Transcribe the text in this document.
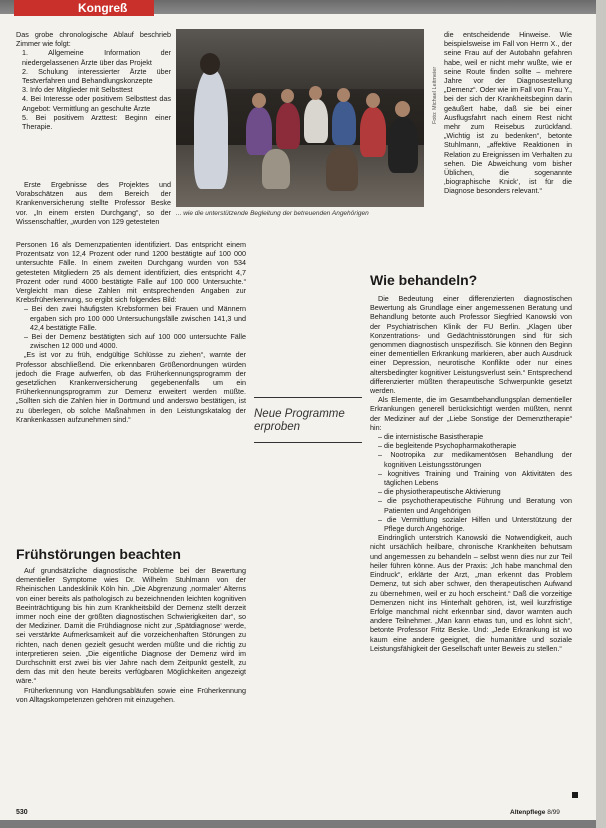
Kongreß

Das grobe chronologische Ablauf beschrieb Zimmer wie folgt:

1. Allgemeine Information der niedergelassenen Ärzte über das Projekt
2. Schulung interessierter Ärzte über Testverfahren und Behandlungskonzepte
3. Info der Mitglieder mit Selbsttest
4. Bei Interesse oder positivem Selbsttest das Angebot: Vermittlung an geschulte Ärzte
5. Bei positivem Arzttest: Beginn einer Therapie.

Erste Ergebnisse des Projektes und Vorabschätzen aus dem Bereich der Krankenversicherung stellte Professor Beske vor. „In einem ersten Durchgang“, so der Wissenschaftler, „wurden von 129 getesteten

Personen 16 als Demenzpatienten identifiziert. Das entspricht einem Prozentsatz von 12,4 Prozent oder rund 1200 bestätigte auf 100 000 untersuchte Fälle. In einem zweiten Durchgang wurden von 534 getesteten Mitgliedern 25 als dement identifiziert, dies entspricht 4,7 Prozent oder rund 4000 bestätigte Fälle auf 100 000 Untersuchte.“ Vergleicht man diese Zahlen mit entsprechenden Angaben zur Krebsfrüherkennung, so ergibt sich folgendes Bild:

– Bei den zwei häufigsten Krebsformen bei Frauen und Männern ergaben sich pro 100 000 Untersuchungsfälle zwischen 141,3 und 42,4 bestätigte Fälle.
– Bei der Demenz bestätigten sich auf 100 000 untersuchte Fälle zwischen 12 000 und 4000.

„Es ist vor zu früh, endgültige Schlüsse zu ziehen“, warnte der Professor abschließend. Die erkennbaren Größenordnungen würden jedoch die Frage aufwerfen, ob das Früherkennungsprogramm der gesetzlichen Krankenversicherung gegebenenfalls um ein Früherkennungsprogramm zur Demenz erweitert werden müßte. „Sollten sich die Zahlen hier in Dortmund und anderswo bestätigen, ist zu überlegen, ob solche Maßnahmen in den Leistungskatalog der Krankenkassen aufzunehmen sind.“

Frühstörungen beachten

Auf grundsätzliche diagnostische Probleme bei der Bewertung dementieller Symptome wies Dr. Wilhelm Stuhlmann von der Rheinischen Landesklinik Köln hin. „Die Abgrenzung ‚normaler‘ Alterns von einer bereits als pathologisch zu bezeichnenden leichten kognitiven Beeinträchtigung bis hin zum Krankheitsbild der Demenz stellt derzeit immer noch eine der größten diagnostischen Schwierigkeiten dar“, so der Mediziner. Damit die Frühdiagnose nicht zur ‚Spätdiagnose‘ werde, sei verstärkte Aufmerksamkeit auf die vorzeichenhaften Störungen zu richten, nach denen gezielt gesucht werden müßte und die richtig zu interpretieren seien. „Die eigentliche Diagnose der Demenz wird im Durchschnitt erst zwei bis vier Jahre nach dem Zeitpunkt gestellt, zu dem das mit den heute bereits verfügbaren Möglichkeiten angezeigt wäre.“

Früherkennung von Handlungsabläufen sowie eine Früherkennung von Alltagskompetenzen gehören mit einzugehen.

Foto: Michael Leitmeier
... wie die unterstützende Begleitung der betreuenden Angehörigen

die entscheidende Hinweise. Wie beispielsweise im Fall von Herrn X., der seine Frau auf der Autobahn gefahren habe, weil er nicht mehr wußte, wie er seine Route finden sollte – mehrere Jahre vor der Diagnosestellung „Demenz“. Oder wie im Fall von Frau Y., bei der sich der Krankheitsbeginn darin geäußert habe, daß sie bei einer Ausflugsfahrt nach einem Rest nicht mehr zum Reisebus zurückfand. „Wichtig ist zu bedenken“, betonte Stuhlmann, „affektive Reaktionen in Relation zu Ereignissen im Verhalten zu sehen. Die Abweichung vom bisher Üblichen, die sogenannte ‚biographische Knick‘, ist für die Diagnose besonders relevant.“

Wie behandeln?

Die Bedeutung einer differenzierten diagnostischen Bewertung als Grundlage einer angemessenen Beratung und Behandlung betonte auch Professor Siegfried Kanowski von der Psychiatrischen Klinik der FU Berlin. „Klagen über Konzentrations- und Gedächtnisstörungen sind für sich genommen diagnostisch unspezifisch. Sie können den Beginn einer dementiellen Erkrankung markieren, aber auch Ausdruck einer Depression, neurotische Konflikte oder nur eines altersbedingter kognitiver Leistungsverlust sein.“ Entsprechend differenzierter müßten therapeutische Schwerpunkte gesetzt werden.

Als Elemente, die im Gesamtbehandlungsplan dementieller Erkrankungen generell berücksichtigt werden müßten, nennt der Mediziner auf der „Liebe Sonstige der Demenztherapie“ hin:

– die internistische Basistherapie
– die begleitende Psychopharmakotherapie
– Nootropika zur medikamentösen Behandlung der kognitiven Leistungsstörungen
– kognitives Training und Training von Aktivitäten des täglichen Lebens
– die physiotherapeutische Aktivierung
– die psychotherapeutische Führung und Beratung von Patienten und Angehörigen
– die Vermittlung sozialer Hilfen und Unterstützung der Pflege durch Angehörige.

Eindringlich unterstrich Kanowski die Notwendigkeit, auch nicht ursächlich heilbare, chronische Krankheiten behutsam und angemessen zu behandeln – selbst wenn dies nur zur Teil heiler führen könne. Aus der Praxis: „Ich habe manchmal den Eindruck“, erklärte der Arzt, „man erkennt das Problem Demenz, tut sich aber schwer, den therapeutischen Aufwand zu übernehmen, weil er zu hoch erscheint.“ Daß die vorzeitige Demenzen nicht ins Hinterhalt gehören, ist, weil kurzfristige Erfolge manchmal nicht erkennbar sind, davor warnten auch andere Teilnehmer. „Man kann etwas tun, und es lohnt sich“, betonte Professor Fritz Beske. Und: „Jede Erkrankung ist wo kaum eine andere geeignet, die humanitäre und soziale Leistungsfähigkeit der Gesellschaft unter Beweis zu stellen.“

Neue Programme erproben
530	Altenpflege 8/99
